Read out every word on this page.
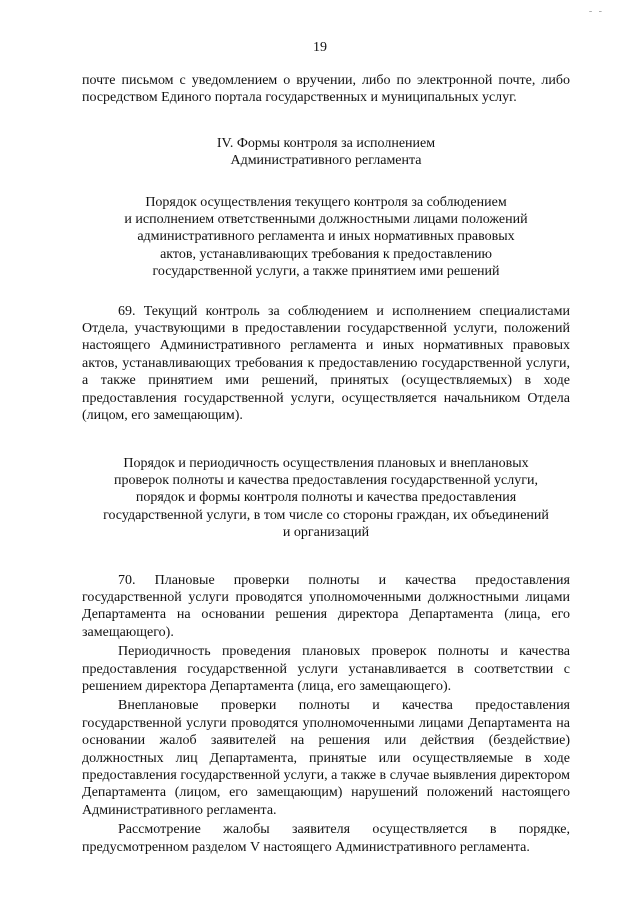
- -
19

почте письмом с уведомлением о вручении, либо по электронной почте, либо посредством Единого портала государственных и муниципальных услуг.

IV. Формы контроля за исполнением

Административного регламента

Порядок осуществления текущего контроля за соблюдением

и исполнением ответственными должностными лицами положений

административного регламента и иных нормативных правовых

актов, устанавливающих требования к предоставлению

государственной услуги, а также принятием ими решений

69. Текущий контроль за соблюдением и исполнением специалистами Отдела, участвующими в предоставлении государственной услуги, положений настоящего Административного регламента и иных нормативных правовых актов, устанавливающих требования к предоставлению государственной услуги, а также принятием ими решений, принятых (осуществляемых) в ходе предоставления государственной услуги, осуществляется начальником Отдела (лицом, его замещающим).

Порядок и периодичность осуществления плановых и внеплановых

проверок полноты и качества предоставления государственной услуги,

порядок и формы контроля полноты и качества предоставления

государственной услуги, в том числе со стороны граждан, их объединений

и организаций

70. Плановые проверки полноты и качества предоставления государственной услуги проводятся уполномоченными должностными лицами Департамента на основании решения директора Департамента (лица, его замещающего).

Периодичность проведения плановых проверок полноты и качества предоставления государственной услуги устанавливается в соответствии с решением директора Департамента (лица, его замещающего).

Внеплановые проверки полноты и качества предоставления государственной услуги проводятся уполномоченными лицами Департамента на основании жалоб заявителей на решения или действия (бездействие) должностных лиц Департамента, принятые или осуществляемые в ходе предоставления государственной услуги, а также в случае выявления директором Департамента (лицом, его замещающим) нарушений положений настоящего Административного регламента.

Рассмотрение жалобы заявителя осуществляется в порядке, предусмотренном разделом V настоящего Административного регламента.
